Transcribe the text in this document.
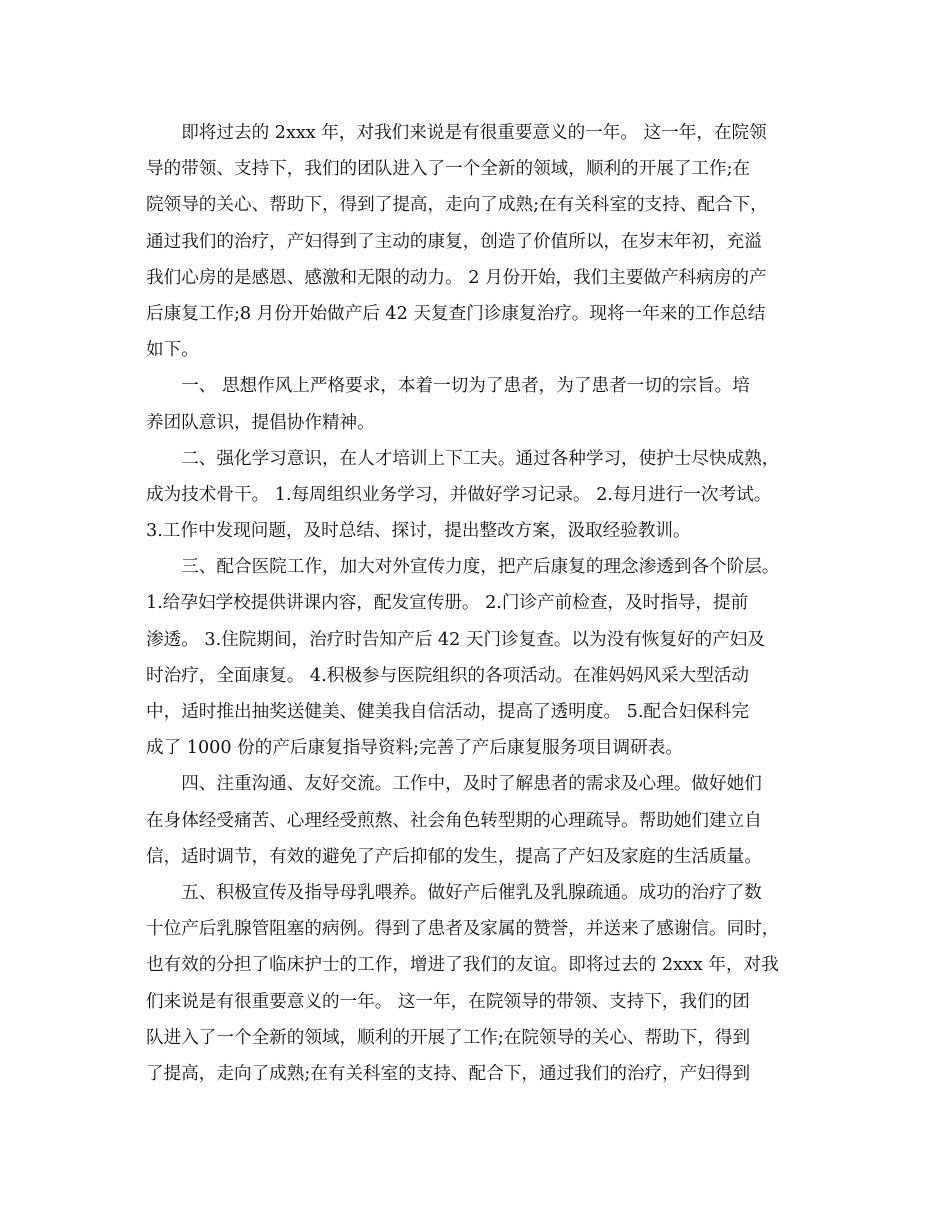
　　即将过去的 2xxx 年，对我们来说是有很重要意义的一年。 这一年，在院领
导的带领、支持下，我们的团队进入了一个全新的领域，顺利的开展了工作;在
院领导的关心、帮助下，得到了提高，走向了成熟;在有关科室的支持、配合下，
通过我们的治疗，产妇得到了主动的康复，创造了价值所以，在岁末年初，充溢
我们心房的是感恩、感激和无限的动力。 2 月份开始，我们主要做产科病房的产
后康复工作;8 月份开始做产后 42 天复查门诊康复治疗。现将一年来的工作总结
如下。
　　一、 思想作风上严格要求，本着一切为了患者，为了患者一切的宗旨。培
养团队意识，提倡协作精神。
　　二、强化学习意识，在人才培训上下工夫。通过各种学习，使护士尽快成熟，
成为技术骨干。 1.每周组织业务学习，并做好学习记录。 2.每月进行一次考试。
3.工作中发现问题，及时总结、探讨，提出整改方案，汲取经验教训。
　　三、配合医院工作，加大对外宣传力度，把产后康复的理念渗透到各个阶层。
1.给孕妇学校提供讲课内容，配发宣传册。 2.门诊产前检查，及时指导，提前
渗透。 3.住院期间，治疗时告知产后 42 天门诊复查。以为没有恢复好的产妇及
时治疗，全面康复。 4.积极参与医院组织的各项活动。在准妈妈风采大型活动
中，适时推出抽奖送健美、健美我自信活动，提高了透明度。 5.配合妇保科完
成了 1000 份的产后康复指导资料;完善了产后康复服务项目调研表。
　　四、注重沟通、友好交流。工作中，及时了解患者的需求及心理。做好她们
在身体经受痛苦、心理经受煎熬、社会角色转型期的心理疏导。帮助她们建立自
信，适时调节，有效的避免了产后抑郁的发生，提高了产妇及家庭的生活质量。
　　五、积极宣传及指导母乳喂养。做好产后催乳及乳腺疏通。成功的治疗了数
十位产后乳腺管阻塞的病例。得到了患者及家属的赞誉，并送来了感谢信。同时，
也有效的分担了临床护士的工作，增进了我们的友谊。即将过去的 2xxx 年，对我
们来说是有很重要意义的一年。 这一年，在院领导的带领、支持下，我们的团
队进入了一个全新的领域，顺利的开展了工作;在院领导的关心、帮助下，得到
了提高，走向了成熟;在有关科室的支持、配合下，通过我们的治疗，产妇得到
